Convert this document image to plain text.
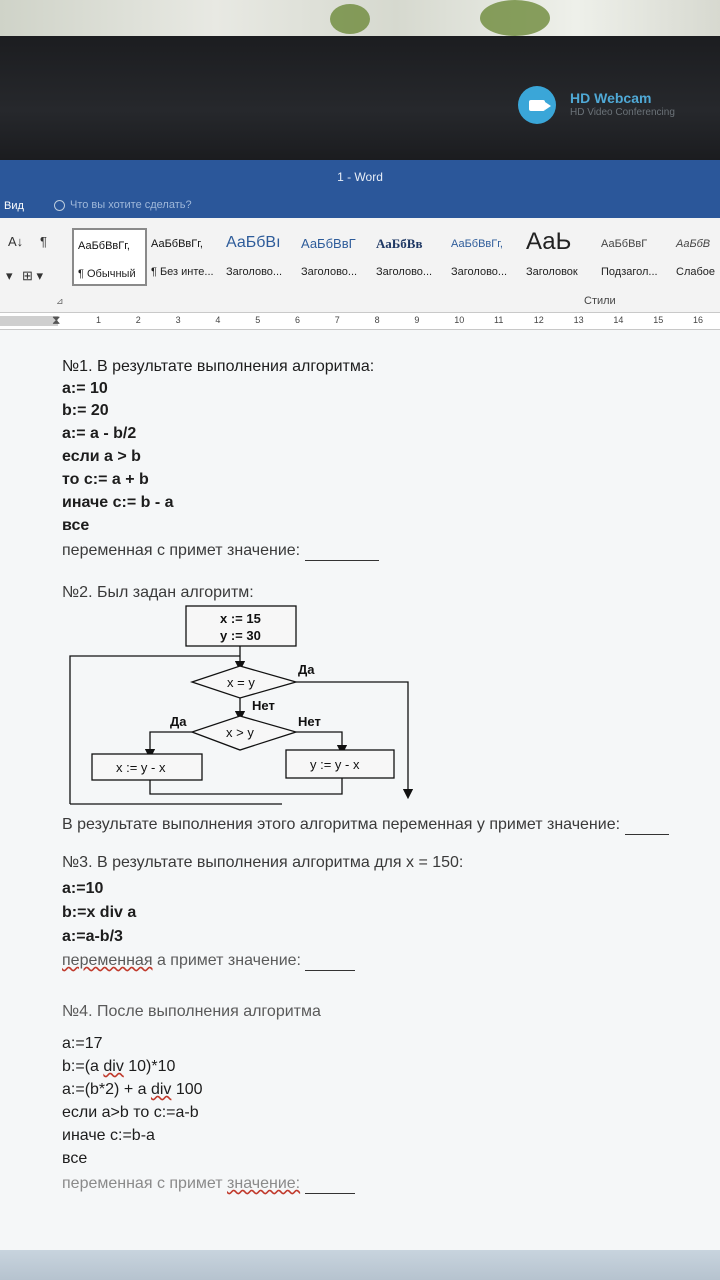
HD Webcam
HD Video Conferencing
1 - Word
Вид	Что вы хотите сделать?
A↓ ¶
▾ ⊞ ▾
АаБбВвГг,
¶ Обычный
АаБбВвГг,
¶ Без инте...
АаБбВı
Заголово...
АаБбВвГ
Заголово...
АаБбВв
Заголово...
АаБбВвГг,
Заголово...
АаЬ
Заголовок
АаБбВвГ
Подзагол...
АаБбВ
Слабое
⊿	Стили
⧗	1	2	3	4	5	6	7	8	9	10	11	12	13	14	15	16
№1. В результате выполнения алгоритма:
a:= 10
b:= 20
a:= a - b/2
если a > b
то c:= a + b
иначе c:= b - a
все
переменная с примет значение:
№2. Был задан алгоритм:
x := 15
y := 30
x = y
x > y
Да
Нет
Да	Нет
x := y - x	y := y - x
В результате выполнения этого алгоритма переменная у примет значение:
№3. В результате выполнения алгоритма для x = 150:
a:=10
b:=x div a
a:=a-b/3
переменная а примет значение:
№4. После выполнения алгоритма
a:=17
b:=(a div 10)*10
a:=(b*2) + a div 100
если a>b то c:=a-b
иначе c:=b-a
все
переменная с примет значение:
